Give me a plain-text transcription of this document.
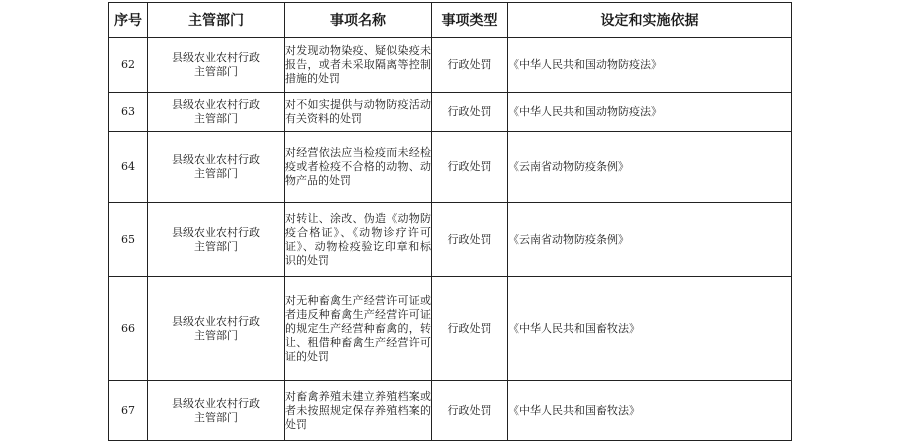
序号	主管部门	事项名称	事项类型	设定和实施依据
62	县级农业农村行政主管部门	对发现动物染疫、疑似染疫未报告，或者未采取隔离等控制措施的处罚	行政处罚	《中华人民共和国动物防疫法》
63	县级农业农村行政主管部门	对不如实提供与动物防疫活动有关资料的处罚	行政处罚	《中华人民共和国动物防疫法》
64	县级农业农村行政主管部门	对经营依法应当检疫而未经检疫或者检疫不合格的动物、动物产品的处罚	行政处罚	《云南省动物防疫条例》
65	县级农业农村行政主管部门	对转让、涂改、伪造《动物防疫合格证》、《动物诊疗许可证》、动物检疫验讫印章和标识的处罚	行政处罚	《云南省动物防疫条例》
66	县级农业农村行政主管部门	对无种畜禽生产经营许可证或者违反种畜禽生产经营许可证的规定生产经营种畜禽的，转让、租借种畜禽生产经营许可证的处罚	行政处罚	《中华人民共和国畜牧法》
67	县级农业农村行政主管部门	对畜禽养殖未建立养殖档案或者未按照规定保存养殖档案的处罚	行政处罚	《中华人民共和国畜牧法》
